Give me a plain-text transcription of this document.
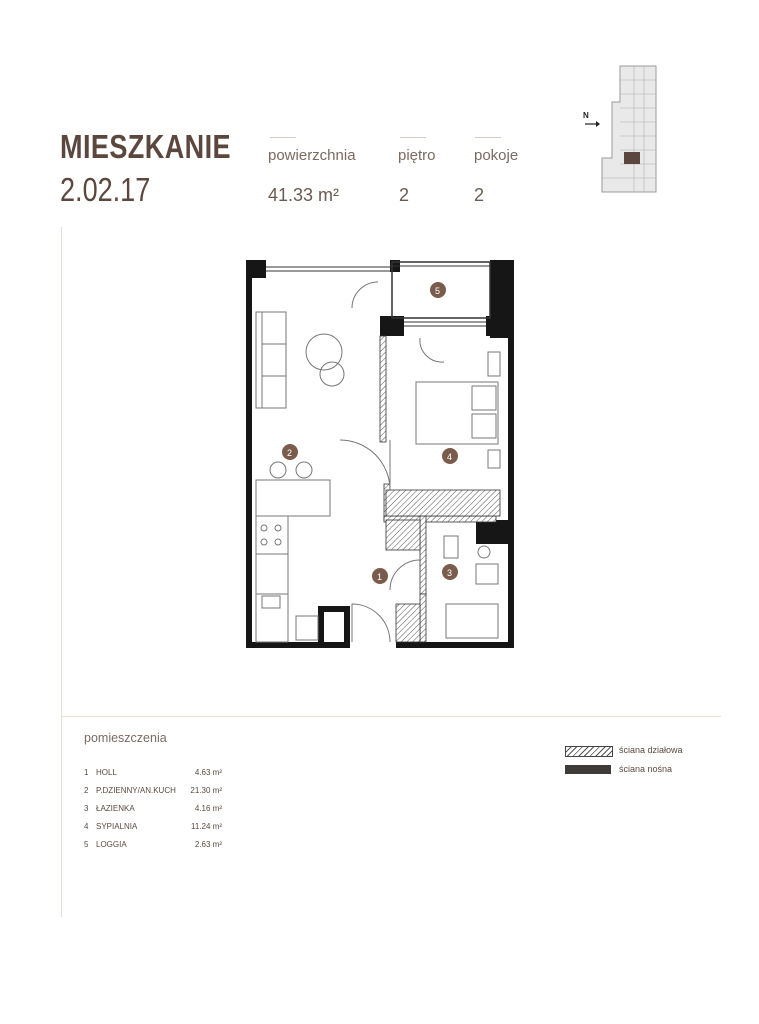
MIESZKANIE
2.02.17
powierzchnia
41.33 m²
piętro
2
pokoje
2
N
1
2
3
4
5
pomieszczenia
1 HOLL	4.63 m²
2 P.DZIENNY/AN.KUCH 21.30 m²
3 ŁAZIENKA	4.16 m²
4 SYPIALNIA	11.24 m²
5 LOGGIA	2.63 m²
ściana działowa
ściana nośna
